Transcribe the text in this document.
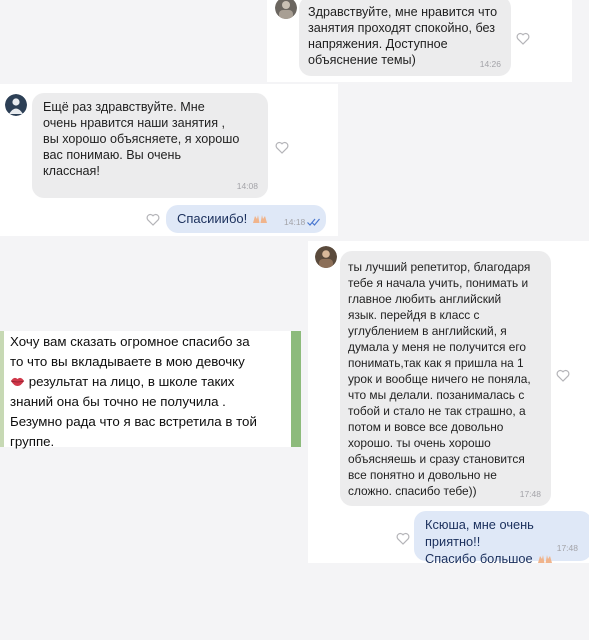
Здравствуйте, мне нравится что
занятия проходят спокойно, без
напряжения. Доступное
объяснение темы)	14:26
Ещё раз здравствуйте. Мне
очень нравится наши занятия ,
вы хорошо объясняете, я хорошо
вас понимаю. Вы очень
классная!
14:08
Спасииибо!	14:18
ты лучший репетитор, благодаря
тебе я начала учить, понимать и
главное любить английский
язык. перейдя в класс с
углублением в английский, я
думала у меня не получится его
понимать,так как я пришла на 1
урок и вообще ничего не поняла,
что мы делали. позанималась с
тобой и стало не так страшно, а
потом и вовсе все довольно
хорошо. ты очень хорошо
объясняешь и сразу становится
все понятно и довольно не
сложно. спасибо тебе))	17:48
Ксюша, мне очень приятно!!
Спасибо большое
17:48
Хочу вам сказать огромное спасибо за
то что вы вкладываете в мою девочку
результат на лицо, в школе таких
знаний она бы точно не получила .
Безумно рада что я вас встретила в той
группе.
